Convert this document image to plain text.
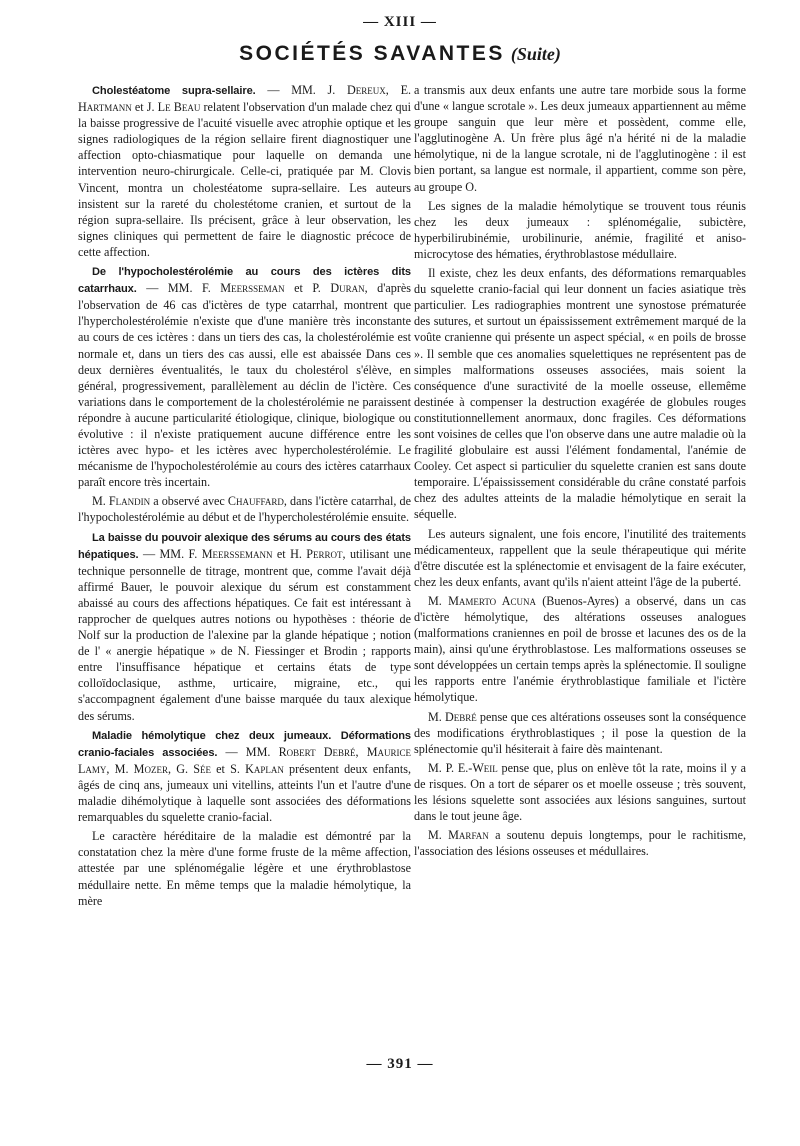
— XIII —
SOCIÉTÉS SAVANTES (Suite)

Cholestéatome supra-sellaire. — MM. J. Dereux, E. Hartmann et J. Le Beau relatent l'observation d'un malade chez qui la baisse progressive de l'acuité visuelle avec atrophie optique et les signes radiologiques de la région sellaire firent diagnostiquer une affection opto-chiasmatique pour laquelle on demanda une intervention neuro-chirurgicale. Celle-ci, pratiquée par M. Clovis Vincent, montra un cholestéatome supra-sellaire. Les auteurs insistent sur la rareté du cholestétome cranien, et surtout de la région supra-sellaire. Ils précisent, grâce à leur observation, les signes cliniques qui permettent de faire le diagnostic précoce de cette affection.

De l'hypocholestérolémie au cours des ictères dits catarrhaux. — MM. F. Meersseman et P. Duran, d'après l'observation de 46 cas d'ictères de type catarrhal, montrent que l'hypercholestérolémie n'existe que d'une manière très inconstante au cours de ces ictères : dans un tiers des cas, la cholestérolémie est normale et, dans un tiers des cas aussi, elle est abaissée Dans ces deux dernières éventualités, le taux du cholestérol s'élève, en général, progressivement, parallèlement au déclin de l'ictère. Ces variations dans le comportement de la cholestérolémie ne paraissent répondre à aucune particularité étiologique, clinique, biologique ou évolutive : il n'existe pratiquement aucune différence entre les ictères avec hypo- et les ictères avec hypercholestérolémie. Le mécanisme de l'hypocholestérolémie au cours des ictères catarrhaux paraît encore très incertain.

M. Flandin a observé avec Chauffard, dans l'ictère catarrhal, de l'hypocholestérolémie au début et de l'hypercholestérolémie ensuite.

La baisse du pouvoir alexique des sérums au cours des états hépatiques. — MM. F. Meerssemann et H. Perrot, utilisant une technique personnelle de titrage, montrent que, comme l'avait déjà affirmé Bauer, le pouvoir alexique du sérum est constamment abaissé au cours des affections hépatiques. Ce fait est intéressant à rapprocher de quelques autres notions ou hypothèses : théorie de Nolf sur la production de l'alexine par la glande hépatique ; notion de l' « anergie hépatique » de N. Fiessinger et Brodin ; rapports entre l'insuffisance hépatique et certains états de type colloïdoclasique, asthme, urticaire, migraine, etc., qui s'accompagnent également d'une baisse marquée du taux alexique des sérums.

Maladie hémolytique chez deux jumeaux. Déformations cranio-faciales associées. — MM. Robert Debré, Maurice Lamy, M. Mozer, G. Sée et S. Kaplan présentent deux enfants, âgés de cinq ans, jumeaux uni vitellins, atteints l'un et l'autre d'une maladie dihémolytique à laquelle sont associées des déformations remarquables du squelette cranio-facial.

Le caractère héréditaire de la maladie est démontré par la constatation chez la mère d'une forme fruste de la même affection, attestée par une splénomégalie légère et une érythroblastose médullaire nette. En même temps que la maladie hémolytique, la mère

a transmis aux deux enfants une autre tare morbide sous la forme d'une « langue scrotale ». Les deux jumeaux appartiennent au même groupe sanguin que leur mère et possèdent, comme elle, l'agglutinogène A. Un frère plus âgé n'a hérité ni de la maladie hémolytique, ni de la langue scrotale, ni de l'agglutinogène : il est bien portant, sa langue est normale, il appartient, comme son père, au groupe O.

Les signes de la maladie hémolytique se trouvent tous réunis chez les deux jumeaux : splénomégalie, subictère, hyperbilirubinémie, urobilinurie, anémie, fragilité et aniso-microcytose des hématies, érythroblastose médullaire.

Il existe, chez les deux enfants, des déformations remarquables du squelette cranio-facial qui leur donnent un facies asiatique très particulier. Les radiographies montrent une synostose prématurée des sutures, et surtout un épaississement extrêmement marqué de la voûte cranienne qui présente un aspect spécial, « en poils de brosse ». Il semble que ces anomalies squelettiques ne représentent pas de simples malformations osseuses associées, mais soient la conséquence d'une suractivité de la moelle osseuse, ellemême destinée à compenser la destruction exagérée de globules rouges constitutionnellement anormaux, donc fragiles. Ces déformations sont voisines de celles que l'on observe dans une autre maladie où la fragilité globulaire est aussi l'élément fondamental, l'anémie de Cooley. Cet aspect si particulier du squelette cranien est sans doute temporaire. L'épaississement considérable du crâne constaté parfois chez des adultes atteints de la maladie hémolytique en serait la séquelle.

Les auteurs signalent, une fois encore, l'inutilité des traitements médicamenteux, rappellent que la seule thérapeutique qui mérite d'être discutée est la splénectomie et envisagent de la faire exécuter, chez les deux enfants, avant qu'ils n'aient atteint l'âge de la puberté.

M. Mamerto Acuna (Buenos-Ayres) a observé, dans un cas d'ictère hémolytique, des altérations osseuses analogues (malformations craniennes en poil de brosse et lacunes des os de la main), ainsi qu'une érythroblastose. Les malformations osseuses se sont développées un certain temps après la splénectomie. Il souligne les rapports entre l'anémie érythroblastique familiale et l'ictère hémolytique.

M. Debré pense que ces altérations osseuses sont la conséquence des modifications érythroblastiques ; il pose la question de la splénectomie qu'il hésiterait à faire dès maintenant.

M. P. E.-Weil pense que, plus on enlève tôt la rate, moins il y a de risques. On a tort de séparer os et moelle osseuse ; très souvent, les lésions squelette sont associées aux lésions sanguines, surtout dans le tout jeune âge.

M. Marfan a soutenu depuis longtemps, pour le rachitisme, l'association des lésions osseuses et médullaires.

— 391 —
